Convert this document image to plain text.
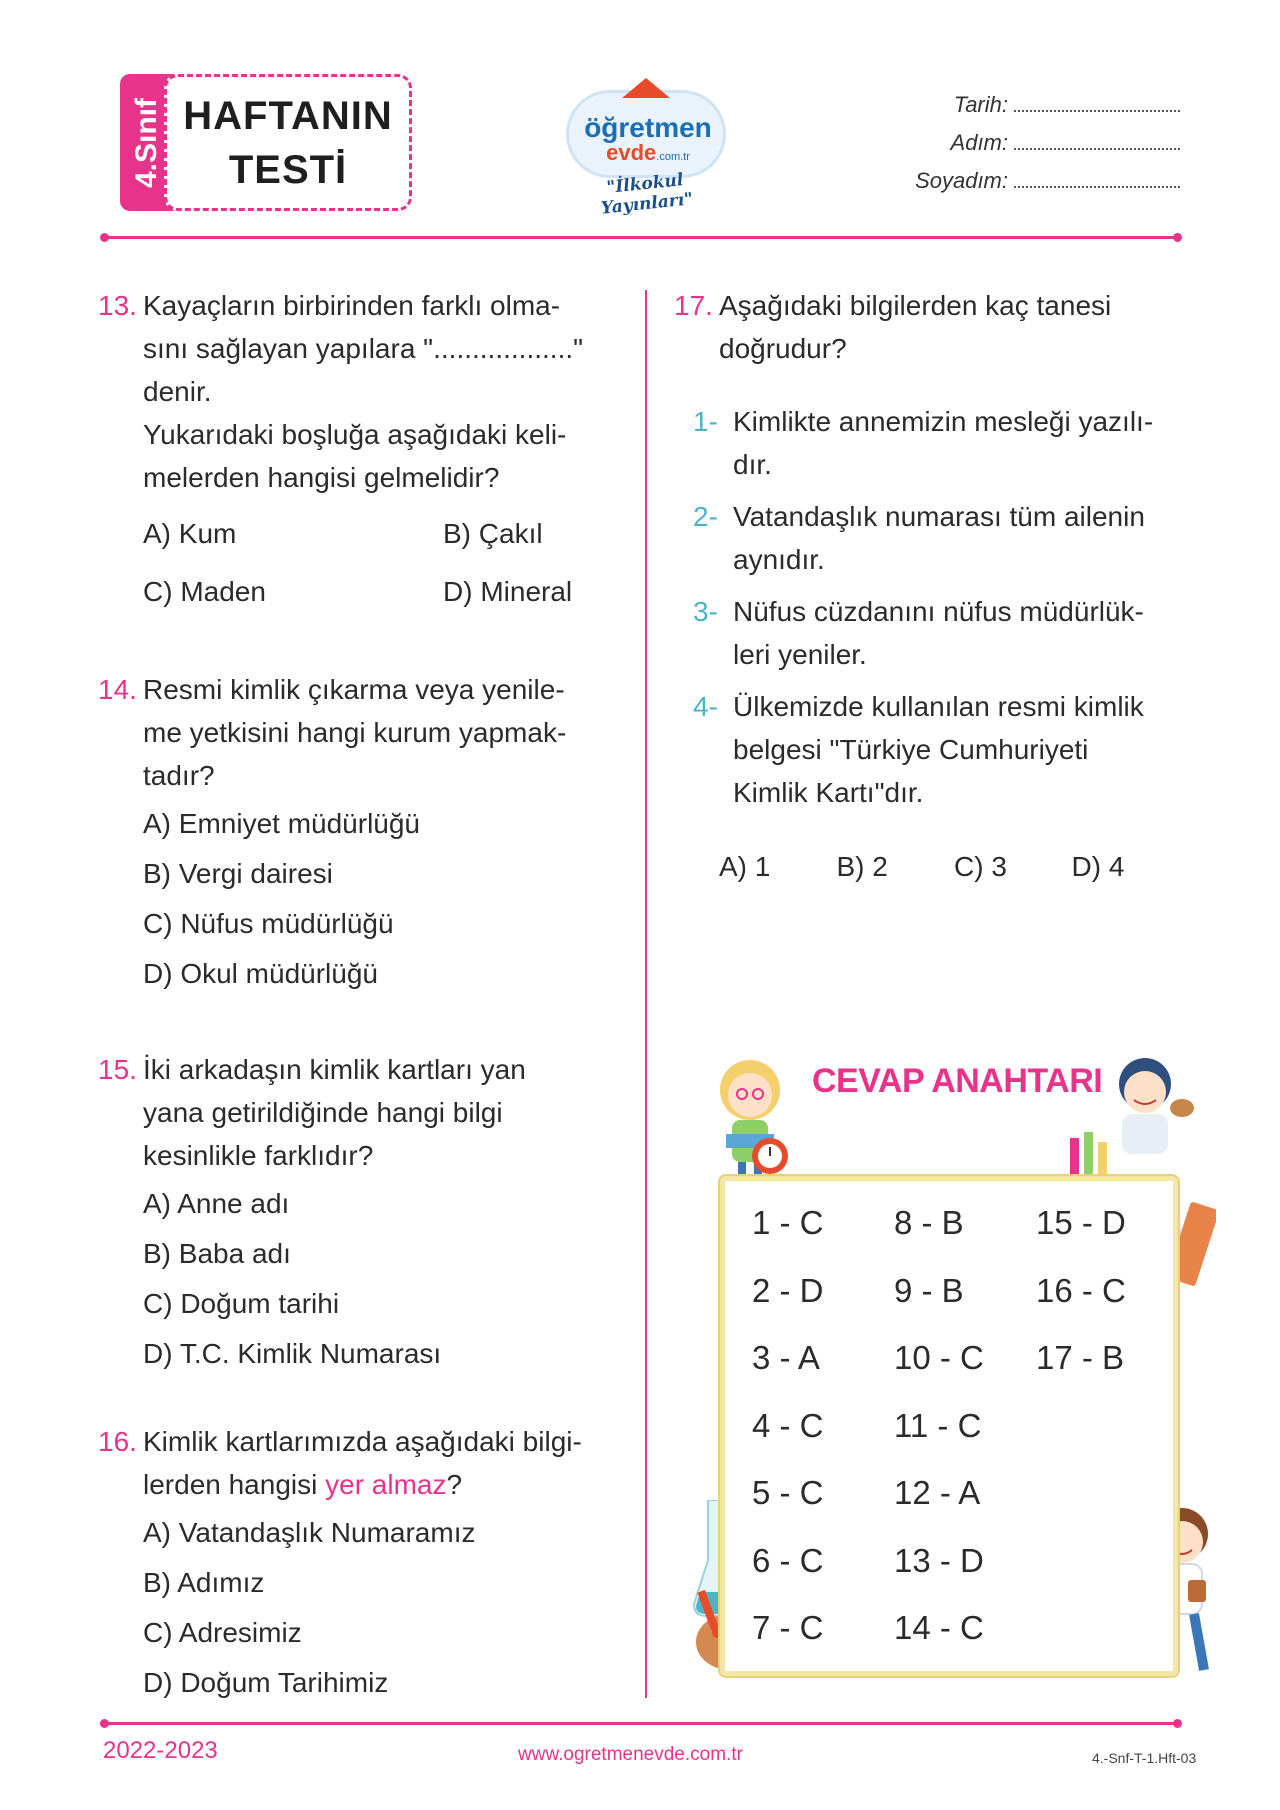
4.Sınıf HAFTANIN
TESTİ
öğretmen
evde.com.tr
"İlkokul Yayınları"
Tarih:
Adım:
Soyadım:
13. Kayaçların birbirinden farklı olma-
sını sağlayan yapılara ".................."
denir.
Yukarıdaki boşluğa aşağıdaki keli-
melerden hangisi gelmelidir?
A) Kum	B) Çakıl
C) Maden	D) Mineral
14. Resmi kimlik çıkarma veya yenile-
me yetkisini hangi kurum yapmak-
tadır?
A) Emniyet müdürlüğü
B) Vergi dairesi
C) Nüfus müdürlüğü
D) Okul müdürlüğü
15. İki arkadaşın kimlik kartları yan
yana getirildiğinde hangi bilgi
kesinlikle farklıdır?
A) Anne adı
B) Baba adı
C) Doğum tarihi
D) T.C. Kimlik Numarası
16. Kimlik kartlarımızda aşağıdaki bilgi-
lerden hangisi yer almaz?
A) Vatandaşlık Numaramız
B) Adımız
C) Adresimiz
D) Doğum Tarihimiz
17. Aşağıdaki bilgilerden kaç tanesi
doğrudur?
1- Kimlikte annemizin mesleği yazılı-
dır.
2- Vatandaşlık numarası tüm ailenin
aynıdır.
3- Nüfus cüzdanını nüfus müdürlük-
leri yeniler.
4- Ülkemizde kullanılan resmi kimlik
belgesi "Türkiye Cumhuriyeti
Kimlik Kartı"dır.
A) 1	B) 2	C) 3	D) 4
CEVAP ANAHTARI
1 - C	8 - B	15 - D
2 - D	9 - B	16 - C
3 - A	10 - C	17 - B
4 - C	11 - C
5 - C	12 - A
6 - C	13 - D
7 - C	14 - C
2022-2023	www.ogretmenevde.com.tr	4.-Snf-T-1.Hft-03
